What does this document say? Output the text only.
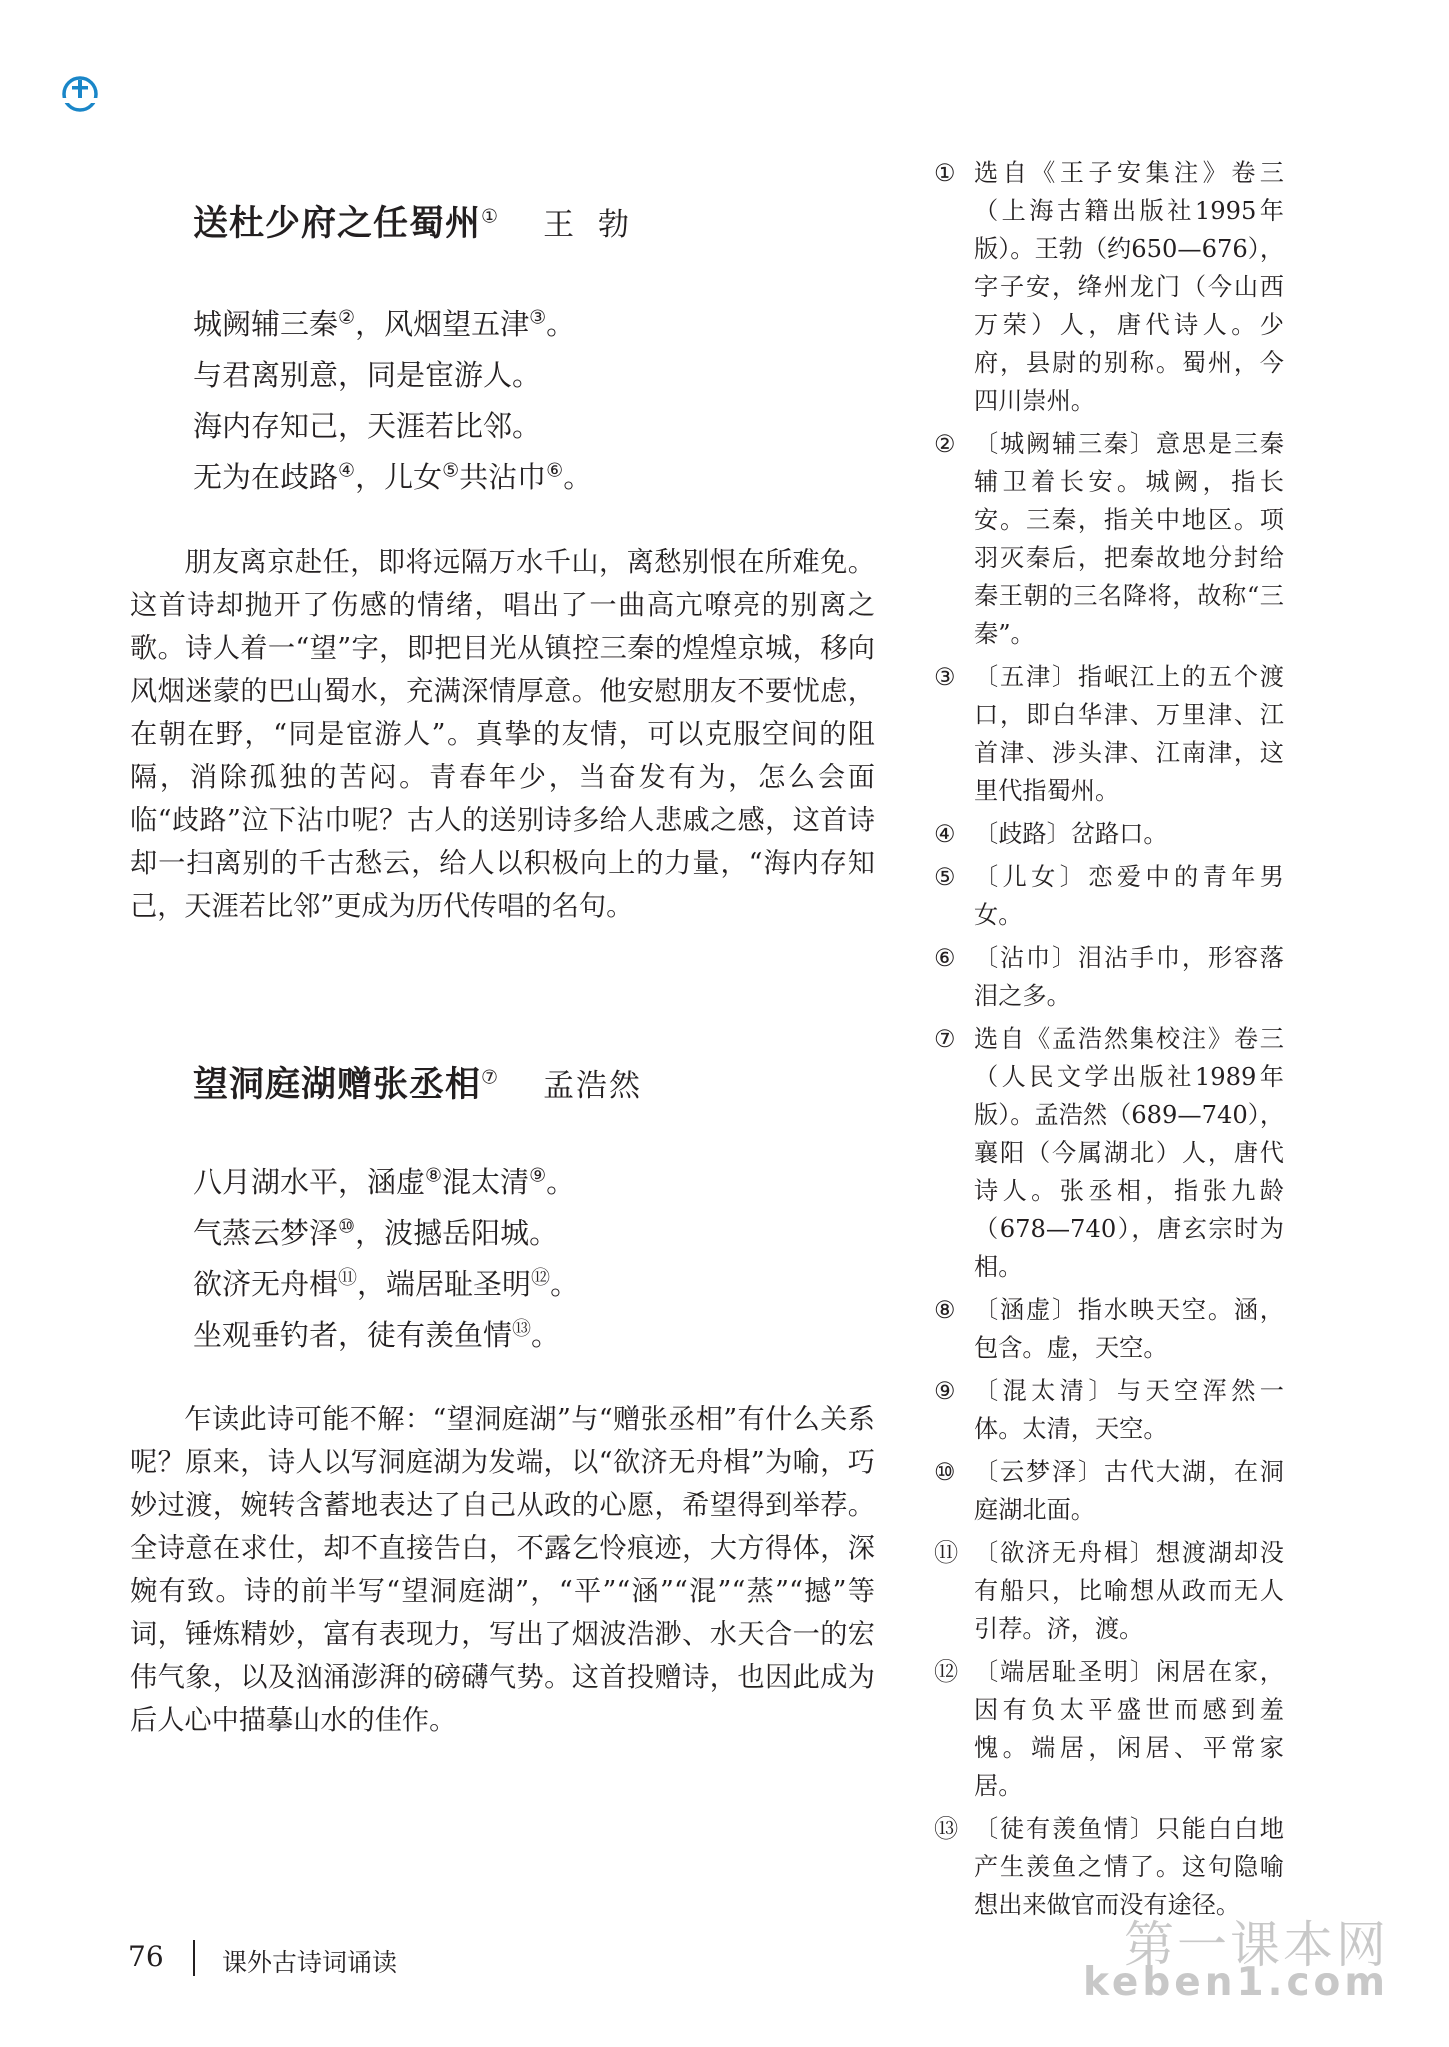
送杜少府之任蜀州① 王勃
城阙辅三秦②，风烟望五津③。
与君离别意，同是宦游人。
海内存知己，天涯若比邻。
无为在歧路④，儿女⑤共沾巾⑥。

朋友离京赴任，即将远隔万水千山，离愁别恨在所难免。这首诗却抛开了伤感的情绪，唱出了一曲高亢嘹亮的别离之歌。诗人着一“望”字，即把目光从镇控三秦的煌煌京城，移向风烟迷蒙的巴山蜀水，充满深情厚意。他安慰朋友不要忧虑，在朝在野，“同是宦游人”。真挚的友情，可以克服空间的阻隔，消除孤独的苦闷。青春年少，当奋发有为，怎么会面临“歧路”泣下沾巾呢？古人的送别诗多给人悲戚之感，这首诗却一扫离别的千古愁云，给人以积极向上的力量，“海内存知己，天涯若比邻”更成为历代传唱的名句。

望洞庭湖赠张丞相⑦ 孟浩然
八月湖水平，涵虚⑧混太清⑨。
气蒸云梦泽⑩，波撼岳阳城。
欲济无舟楫⑪，端居耻圣明⑫。
坐观垂钓者，徒有羡鱼情⑬。

乍读此诗可能不解：“望洞庭湖”与“赠张丞相”有什么关系呢？原来，诗人以写洞庭湖为发端，以“欲济无舟楫”为喻，巧妙过渡，婉转含蓄地表达了自己从政的心愿，希望得到举荐。全诗意在求仕，却不直接告白，不露乞怜痕迹，大方得体，深婉有致。诗的前半写“望洞庭湖”，“平”“涵”“混”“蒸”“撼”等词，锤炼精妙，富有表现力，写出了烟波浩渺、水天合一的宏伟气象，以及汹涌澎湃的磅礴气势。这首投赠诗，也因此成为后人心中描摹山水的佳作。

① 选自《王子安集注》卷三（上海古籍出版社1995年版）。王勃（约650—676），字子安，绛州龙门（今山西万荣）人，唐代诗人。少府，县尉的别称。蜀州，今四川崇州。
② 〔城阙辅三秦〕意思是三秦辅卫着长安。城阙，指长安。三秦，指关中地区。项羽灭秦后，把秦故地分封给秦王朝的三名降将，故称“三秦”。
③ 〔五津〕指岷江上的五个渡口，即白华津、万里津、江首津、涉头津、江南津，这里代指蜀州。
④ 〔歧路〕岔路口。
⑤ 〔儿女〕恋爱中的青年男女。
⑥ 〔沾巾〕泪沾手巾，形容落泪之多。
⑦ 选自《孟浩然集校注》卷三（人民文学出版社1989年版）。孟浩然（689—740），襄阳（今属湖北）人，唐代诗人。张丞相，指张九龄（678—740），唐玄宗时为相。
⑧ 〔涵虚〕指水映天空。涵，包含。虚，天空。
⑨ 〔混太清〕与天空浑然一体。太清，天空。
⑩ 〔云梦泽〕古代大湖，在洞庭湖北面。
⑪ 〔欲济无舟楫〕想渡湖却没有船只，比喻想从政而无人引荐。济，渡。
⑫ 〔端居耻圣明〕闲居在家，因有负太平盛世而感到羞愧。端居，闲居、平常家居。
⑬ 〔徒有羡鱼情〕只能白白地产生羡鱼之情了。这句隐喻想出来做官而没有途径。
76 课外古诗词诵读	第一课本网
keben1.com
